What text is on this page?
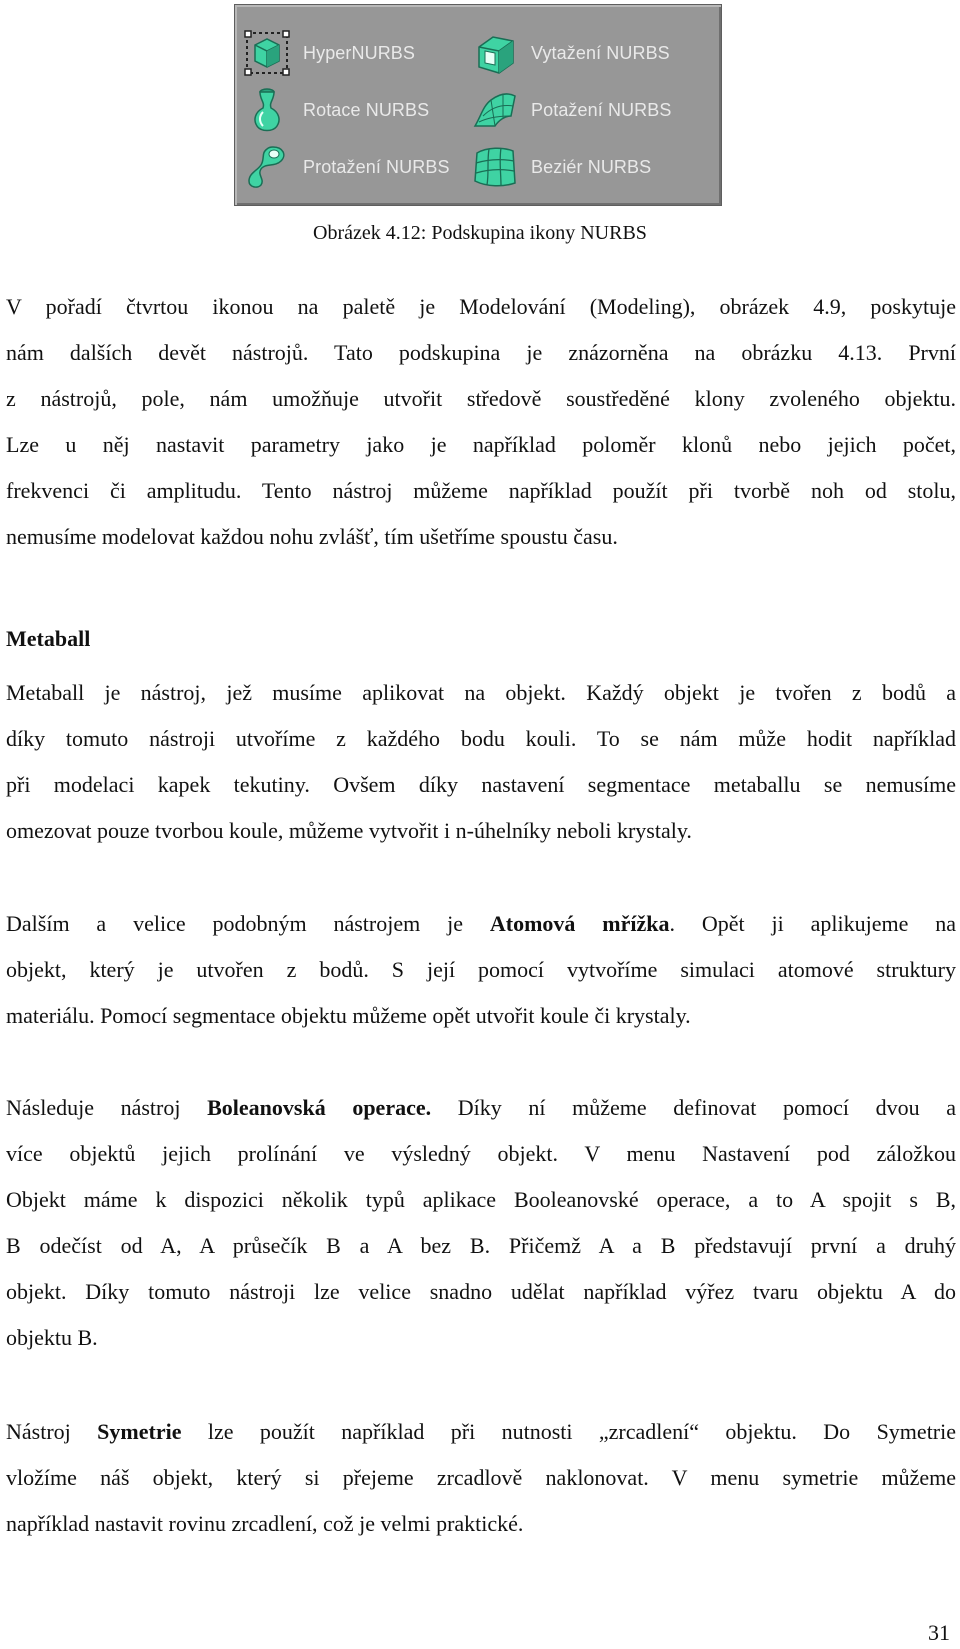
HyperNURBS	Vytažení NURBS
Rotace NURBS	Potažení NURBS
Protažení NURBS	Beziér NURBS
Obrázek 4.12: Podskupina ikony NURBS
V pořadí čtvrtou ikonou na paletě je Modelování (Modeling), obrázek 4.9, poskytuje
nám dalších devět nástrojů. Tato podskupina je znázorněna na obrázku 4.13. První
z nástrojů, pole, nám umožňuje utvořit středově soustředěné klony zvoleného objektu.
Lze u něj nastavit parametry jako je například poloměr klonů nebo jejich počet,
frekvenci či amplitudu. Tento nástroj můžeme například použít při tvorbě noh od stolu,
nemusíme modelovat každou nohu zvlášť, tím ušetříme spoustu času.
Metaball
Metaball je nástroj, jež musíme aplikovat na objekt. Každý objekt je tvořen z bodů a
díky tomuto nástroji utvoříme z každého bodu kouli. To se nám může hodit například
při modelaci kapek tekutiny. Ovšem díky nastavení segmentace metaballu se nemusíme
omezovat pouze tvorbou koule, můžeme vytvořit i n-úhelníky neboli krystaly.
Dalším a velice podobným nástrojem je Atomová mřížka. Opět ji aplikujeme na
objekt, který je utvořen z bodů. S její pomocí vytvoříme simulaci atomové struktury
materiálu. Pomocí segmentace objektu můžeme opět utvořit koule či krystaly.
Následuje nástroj Boleanovská operace. Díky ní můžeme definovat pomocí dvou a
více objektů jejich prolínání ve výsledný objekt. V menu Nastavení pod záložkou
Objekt máme k dispozici několik typů aplikace Booleanovské operace, a to A spojit s B,
B odečíst od A, A průsečík B a A bez B. Přičemž A a B představují první a druhý
objekt. Díky tomuto nástroji lze velice snadno udělat například výřez tvaru objektu A do
objektu B.
Nástroj Symetrie lze použít například při nutnosti „zrcadlení“ objektu. Do Symetrie
vložíme náš objekt, který si přejeme zrcadlově naklonovat. V menu symetrie můžeme
například nastavit rovinu zrcadlení, což je velmi praktické.
31
